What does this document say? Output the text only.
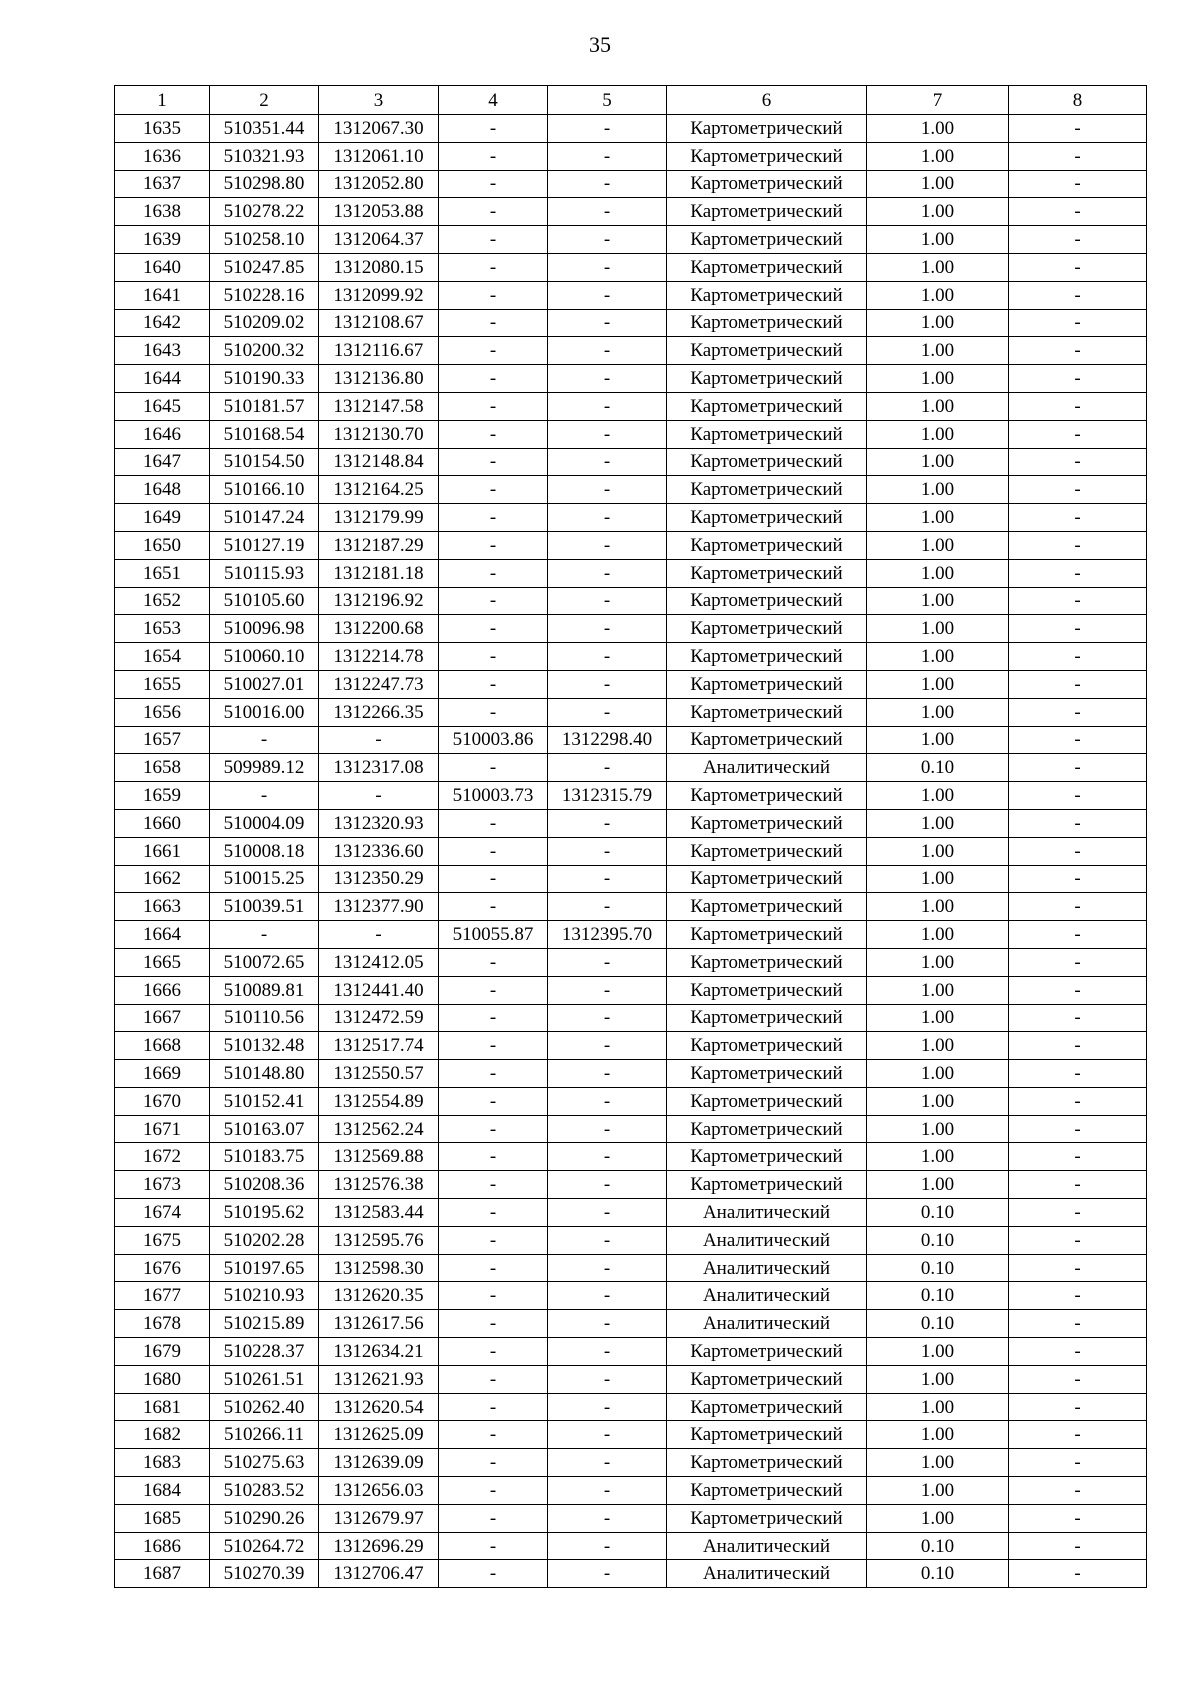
35
1	2	3	4	5	6	7	8
1635	510351.44	1312067.30	-	-	Картометрический	1.00	-
1636	510321.93	1312061.10	-	-	Картометрический	1.00	-
1637	510298.80	1312052.80	-	-	Картометрический	1.00	-
1638	510278.22	1312053.88	-	-	Картометрический	1.00	-
1639	510258.10	1312064.37	-	-	Картометрический	1.00	-
1640	510247.85	1312080.15	-	-	Картометрический	1.00	-
1641	510228.16	1312099.92	-	-	Картометрический	1.00	-
1642	510209.02	1312108.67	-	-	Картометрический	1.00	-
1643	510200.32	1312116.67	-	-	Картометрический	1.00	-
1644	510190.33	1312136.80	-	-	Картометрический	1.00	-
1645	510181.57	1312147.58	-	-	Картометрический	1.00	-
1646	510168.54	1312130.70	-	-	Картометрический	1.00	-
1647	510154.50	1312148.84	-	-	Картометрический	1.00	-
1648	510166.10	1312164.25	-	-	Картометрический	1.00	-
1649	510147.24	1312179.99	-	-	Картометрический	1.00	-
1650	510127.19	1312187.29	-	-	Картометрический	1.00	-
1651	510115.93	1312181.18	-	-	Картометрический	1.00	-
1652	510105.60	1312196.92	-	-	Картометрический	1.00	-
1653	510096.98	1312200.68	-	-	Картометрический	1.00	-
1654	510060.10	1312214.78	-	-	Картометрический	1.00	-
1655	510027.01	1312247.73	-	-	Картометрический	1.00	-
1656	510016.00	1312266.35	-	-	Картометрический	1.00	-
1657	-	-	510003.86	1312298.40	Картометрический	1.00	-
1658	509989.12	1312317.08	-	-	Аналитический	0.10	-
1659	-	-	510003.73	1312315.79	Картометрический	1.00	-
1660	510004.09	1312320.93	-	-	Картометрический	1.00	-
1661	510008.18	1312336.60	-	-	Картометрический	1.00	-
1662	510015.25	1312350.29	-	-	Картометрический	1.00	-
1663	510039.51	1312377.90	-	-	Картометрический	1.00	-
1664	-	-	510055.87	1312395.70	Картометрический	1.00	-
1665	510072.65	1312412.05	-	-	Картометрический	1.00	-
1666	510089.81	1312441.40	-	-	Картометрический	1.00	-
1667	510110.56	1312472.59	-	-	Картометрический	1.00	-
1668	510132.48	1312517.74	-	-	Картометрический	1.00	-
1669	510148.80	1312550.57	-	-	Картометрический	1.00	-
1670	510152.41	1312554.89	-	-	Картометрический	1.00	-
1671	510163.07	1312562.24	-	-	Картометрический	1.00	-
1672	510183.75	1312569.88	-	-	Картометрический	1.00	-
1673	510208.36	1312576.38	-	-	Картометрический	1.00	-
1674	510195.62	1312583.44	-	-	Аналитический	0.10	-
1675	510202.28	1312595.76	-	-	Аналитический	0.10	-
1676	510197.65	1312598.30	-	-	Аналитический	0.10	-
1677	510210.93	1312620.35	-	-	Аналитический	0.10	-
1678	510215.89	1312617.56	-	-	Аналитический	0.10	-
1679	510228.37	1312634.21	-	-	Картометрический	1.00	-
1680	510261.51	1312621.93	-	-	Картометрический	1.00	-
1681	510262.40	1312620.54	-	-	Картометрический	1.00	-
1682	510266.11	1312625.09	-	-	Картометрический	1.00	-
1683	510275.63	1312639.09	-	-	Картометрический	1.00	-
1684	510283.52	1312656.03	-	-	Картометрический	1.00	-
1685	510290.26	1312679.97	-	-	Картометрический	1.00	-
1686	510264.72	1312696.29	-	-	Аналитический	0.10	-
1687	510270.39	1312706.47	-	-	Аналитический	0.10	-
